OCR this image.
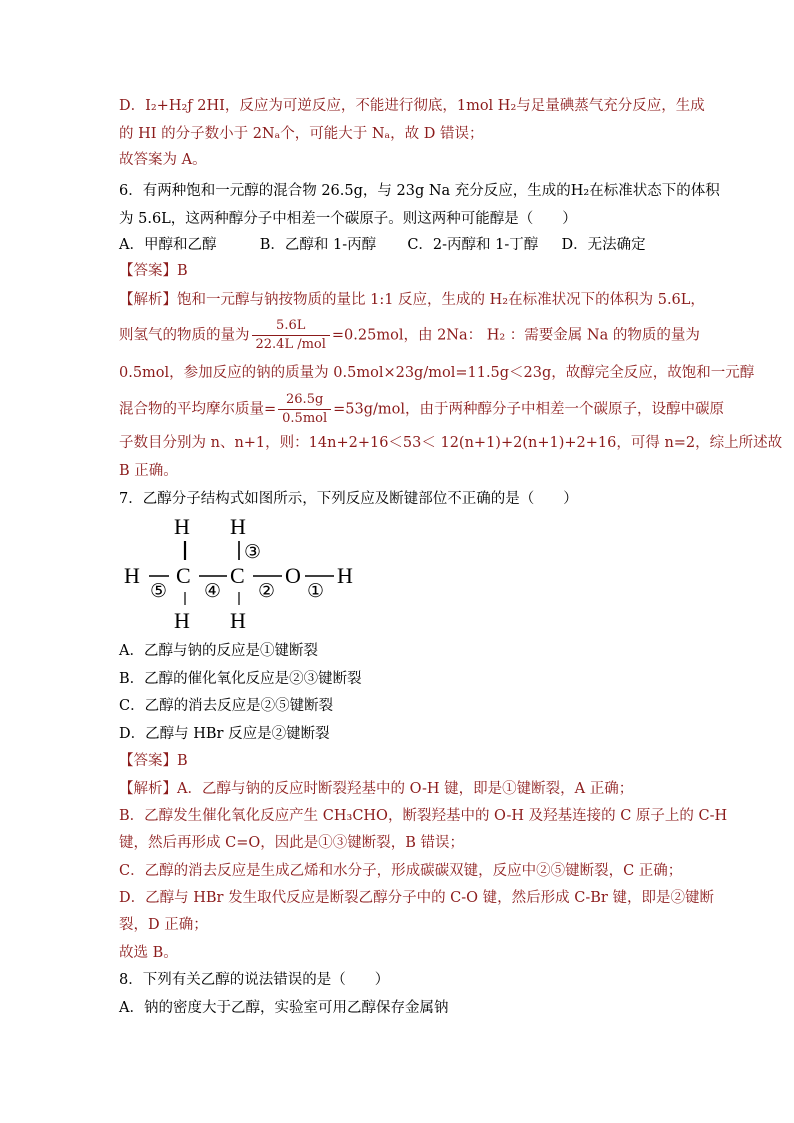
D．I₂+H₂ƒ 2HI，反应为可逆反应，不能进行彻底，1mol H₂与足量碘蒸气充分反应，生成
的 HI 的分子数小于 2Nₐ个，可能大于 Nₐ，故 D 错误；
故答案为 A。
6．有两种饱和一元醇的混合物 26.5g，与 23g Na 充分反应，生成的H₂在标准状态下的体积
为 5.6L，这两种醇分子中相差一个碳原子。则这两种可能醇是（　　）
A．甲醇和乙醇	B．乙醇和 1-丙醇 C．2-丙醇和 1-丁醇 D．无法确定
【答案】B
【解析】饱和一元醇与钠按物质的量比 1:1 反应，生成的 H₂在标准状况下的体积为 5.6L，
则氢气的物质的量为 $\frac{5.6L}{\text{22.4L /mol}} =0.25mol$，由 2Na： H₂ ：需要金属 Na 的物质的量为
0.5mol，参加反应的钠的质量为 0.5mol×23g/mol=11.5g＜23g，故醇完全反应，故饱和一元醇
混合物的平均摩尔质量= $\frac{26.5g}{\text{0.5mol}} =53g/mol$，由于两种醇分子中相差一个碳原子，设醇中碳原
子数目分别为 n、n+1，则：14n+2+16＜53＜ 12(n+1)+2(n+1)+2+16，可得 n=2，综上所述故
B 正确。
7．乙醇分子结构式如图所示，下列反应及断键部位不正确的是（　　）
H H
H C C O H
H H
③
⑤ ④ ② ①
A．乙醇与钠的反应是①键断裂
B．乙醇的催化氧化反应是②③键断裂
C．乙醇的消去反应是②⑤键断裂
D．乙醇与 HBr 反应是②键断裂
【答案】B
【解析】A．乙醇与钠的反应时断裂羟基中的 O-H 键，即是①键断裂，A 正确；
B．乙醇发生催化氧化反应产生 CH₃CHO，断裂羟基中的 O-H 及羟基连接的 C 原子上的 C-H
键，然后再形成 C=O，因此是①③键断裂，B 错误；
C．乙醇的消去反应是生成乙烯和水分子，形成碳碳双键，反应中②⑤键断裂，C 正确；
D．乙醇与 HBr 发生取代反应是断裂乙醇分子中的 C-O 键，然后形成 C-Br 键，即是②键断
裂，D 正确；
故选 B。
8．下列有关乙醇的说法错误的是（　　）
A．钠的密度大于乙醇，实验室可用乙醇保存金属钠
